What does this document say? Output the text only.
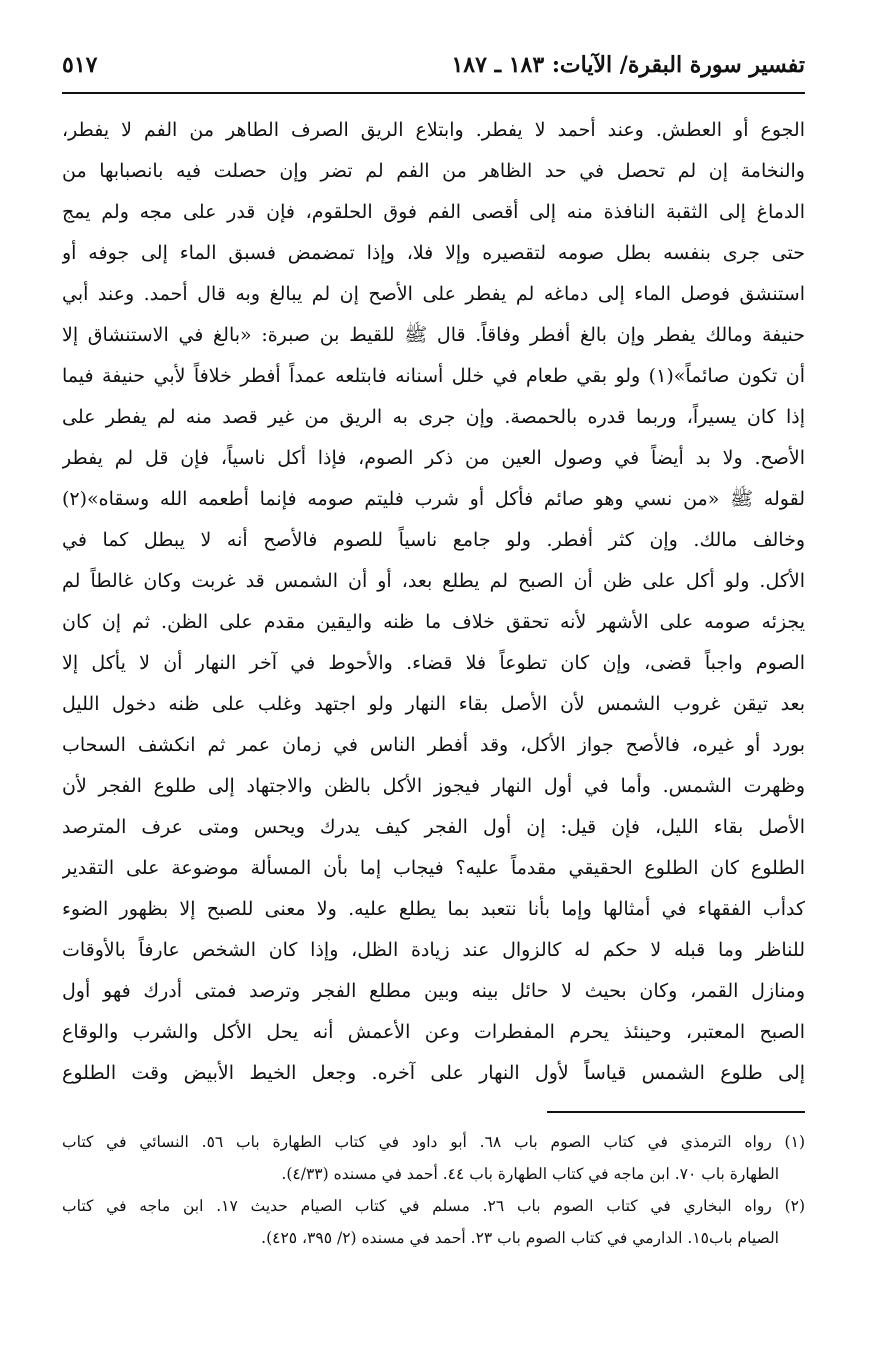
تفسير سورة البقرة/ الآيات: ١٨٣ ـ ١٨٧
٥١٧
الجوع أو العطش. وعند أحمد لا يفطر. وابتلاع الريق الصرف الطاهر من الفم لا يفطر،
والنخامة إن لم تحصل في حد الظاهر من الفم لم تضر وإن حصلت فيه بانصبابها من
الدماغ إلى الثقبة النافذة منه إلى أقصى الفم فوق الحلقوم، فإن قدر على مجه ولم يمج
حتى جرى بنفسه بطل صومه لتقصيره وإلا فلا، وإذا تمضمض فسبق الماء إلى جوفه أو
استنشق فوصل الماء إلى دماغه لم يفطر على الأصح إن لم يبالغ وبه قال أحمد. وعند أبي
حنيفة ومالك يفطر وإن بالغ أفطر وفاقاً. قال ﷺ للقيط بن صبرة: «بالغ في الاستنشاق إلا
أن تكون صائماً»(١) ولو بقي طعام في خلل أسنانه فابتلعه عمداً أفطر خلافاً لأبي حنيفة فيما
إذا كان يسيراً، وربما قدره بالحمصة. وإن جرى به الريق من غير قصد منه لم يفطر على
الأصح. ولا بد أيضاً في وصول العين من ذكر الصوم، فإذا أكل ناسياً، فإن قل لم يفطر
لقوله ﷺ «من نسي وهو صائم فأكل أو شرب فليتم صومه فإنما أطعمه الله وسقاه»(٢)
وخالف مالك. وإن كثر أفطر. ولو جامع ناسياً للصوم فالأصح أنه لا يبطل كما في
الأكل. ولو أكل على ظن أن الصبح لم يطلع بعد، أو أن الشمس قد غربت وكان غالطاً لم
يجزئه صومه على الأشهر لأنه تحقق خلاف ما ظنه واليقين مقدم على الظن. ثم إن كان
الصوم واجباً قضى، وإن كان تطوعاً فلا قضاء. والأحوط في آخر النهار أن لا يأكل إلا
بعد تيقن غروب الشمس لأن الأصل بقاء النهار ولو اجتهد وغلب على ظنه دخول الليل
بورد أو غيره، فالأصح جواز الأكل، وقد أفطر الناس في زمان عمر ثم انكشف السحاب
وظهرت الشمس. وأما في أول النهار فيجوز الأكل بالظن والاجتهاد إلى طلوع الفجر لأن
الأصل بقاء الليل، فإن قيل: إن أول الفجر كيف يدرك ويحس ومتى عرف المترصد
الطلوع كان الطلوع الحقيقي مقدماً عليه؟ فيجاب إما بأن المسألة موضوعة على التقدير
كدأب الفقهاء في أمثالها وإما بأنا نتعبد بما يطلع عليه. ولا معنى للصبح إلا بظهور الضوء
للناظر وما قبله لا حكم له كالزوال عند زيادة الظل، وإذا كان الشخص عارفاً بالأوقات
ومنازل القمر، وكان بحيث لا حائل بينه وبين مطلع الفجر وترصد فمتى أدرك فهو أول
الصبح المعتبر، وحينئذ يحرم المفطرات وعن الأعمش أنه يحل الأكل والشرب والوقاع
إلى طلوع الشمس قياساً لأول النهار على آخره. وجعل الخيط الأبيض وقت الطلوع
(١) رواه الترمذي في كتاب الصوم باب ٦٨. أبو داود في كتاب الطهارة باب ٥٦. النسائي في كتاب
الطهارة باب ٧٠. ابن ماجه في كتاب الطهارة باب ٤٤. أحمد في مسنده (٤/٣٣).
(٢) رواه البخاري في كتاب الصوم باب ٢٦. مسلم في كتاب الصيام حديث ١٧. ابن ماجه في كتاب
الصيام باب١٥. الدارمي في كتاب الصوم باب ٢٣. أحمد في مسنده (٢/ ٣٩٥، ٤٢٥).
